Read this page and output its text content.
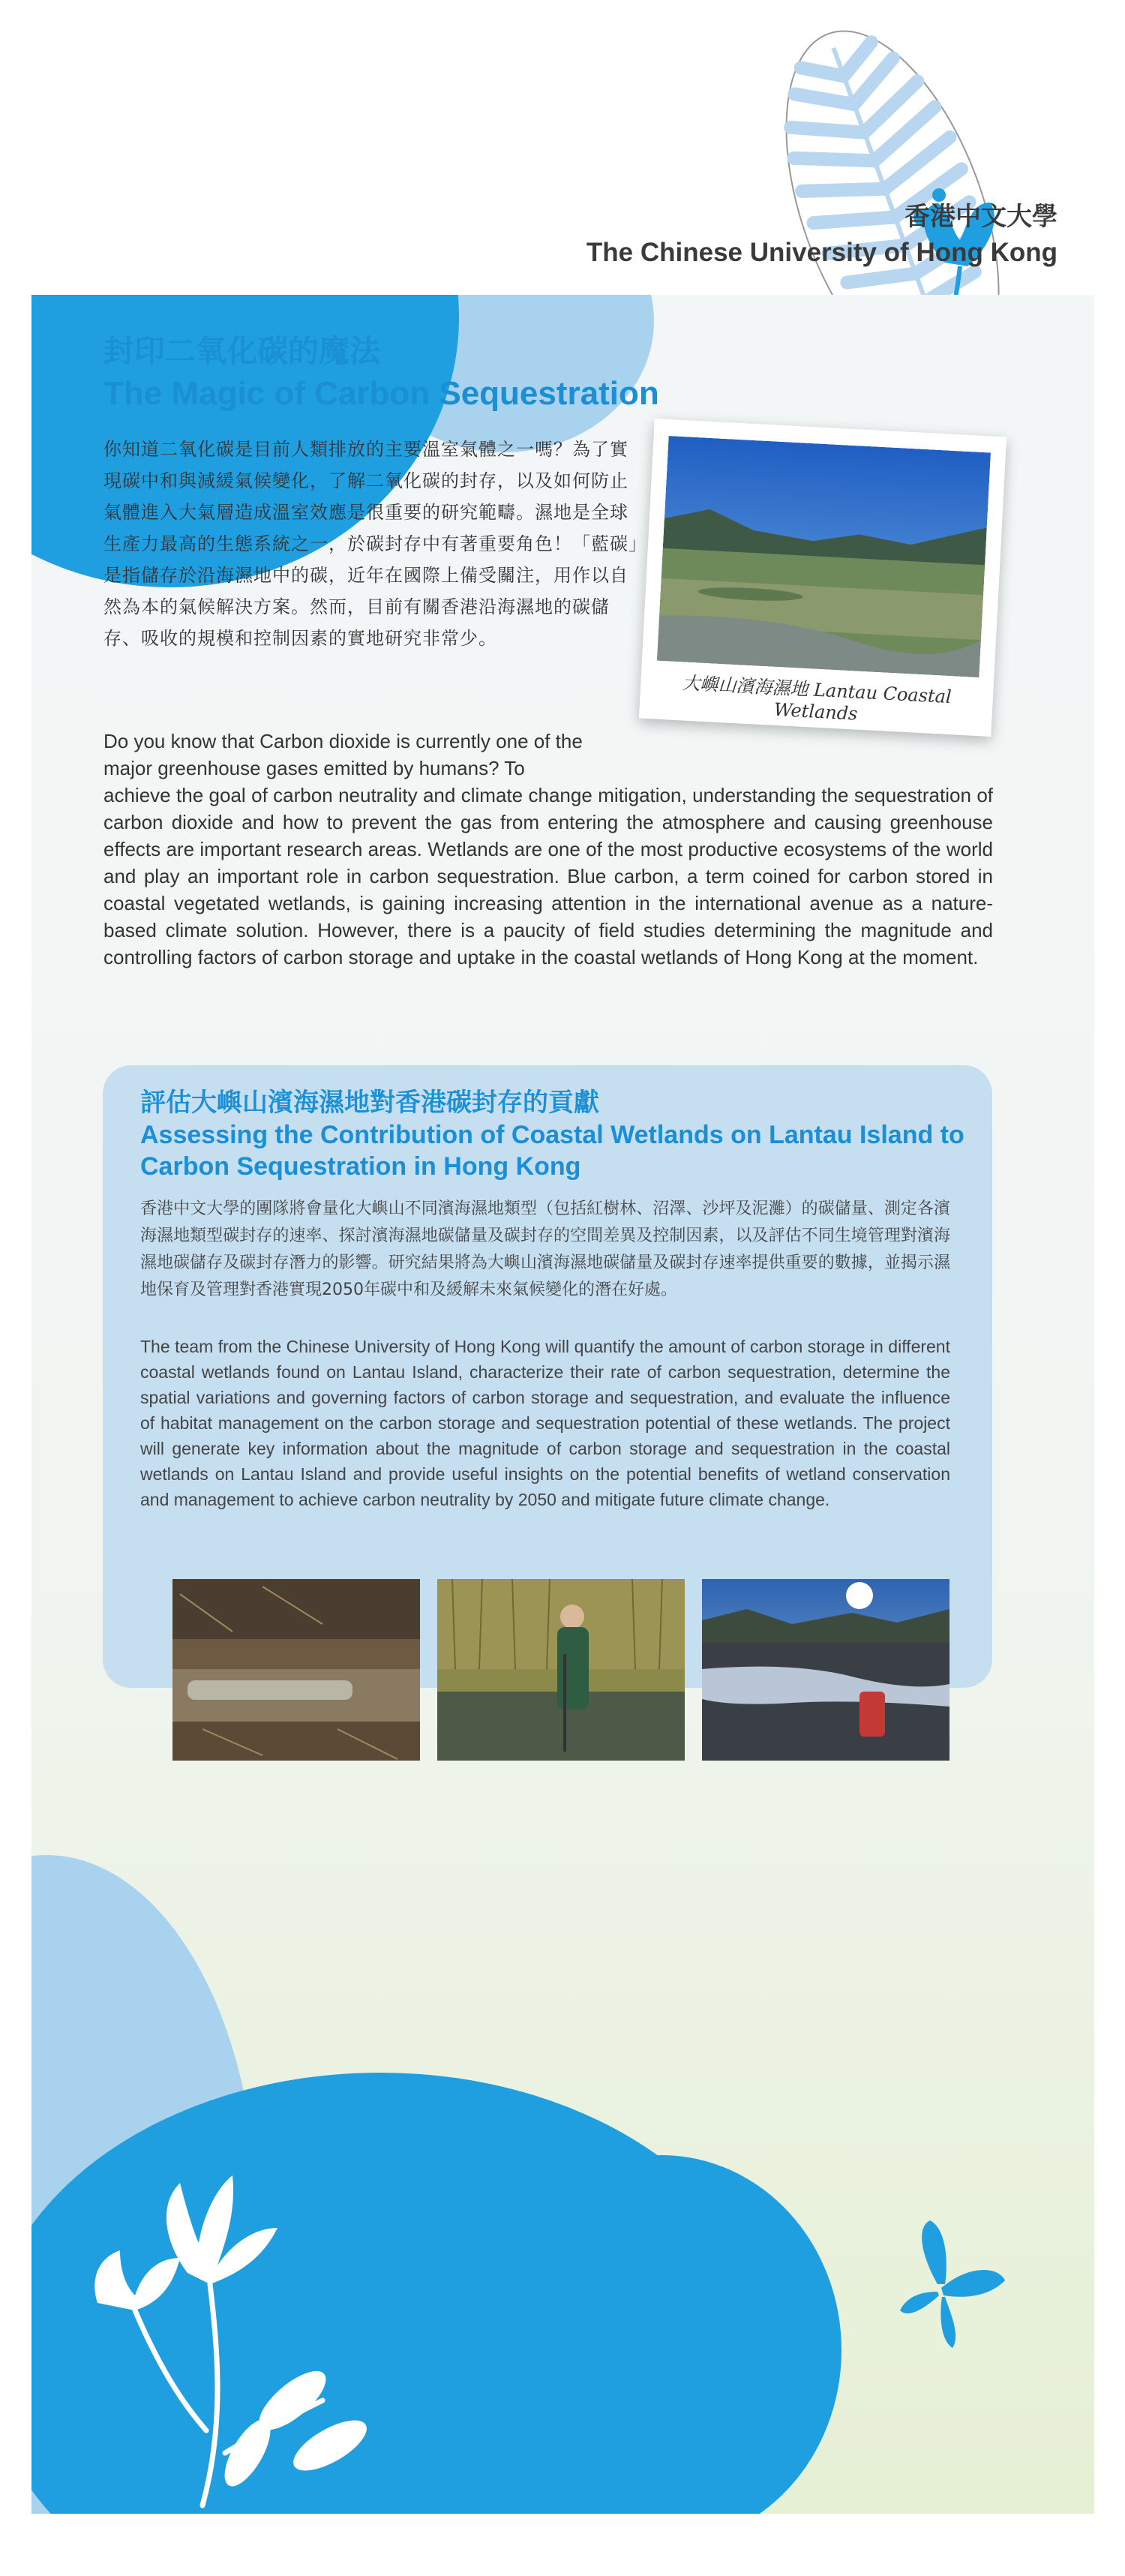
自然環境
Natural Environment
香港中文大學
The Chinese University of Hong Kong
封印二氧化碳的魔法
The Magic of Carbon Sequestration

你知道二氧化碳是目前人類排放的主要溫室氣體之一嗎？為了實現碳中和與減緩氣候變化，了解二氧化碳的封存，以及如何防止氣體進入大氣層造成溫室效應是很重要的研究範疇。濕地是全球生產力最高的生態系統之一，於碳封存中有著重要角色！「藍碳」是指儲存於沿海濕地中的碳，近年在國際上備受關注，用作以自然為本的氣候解決方案。然而，目前有關香港沿海濕地的碳儲存、吸收的規模和控制因素的實地研究非常少。

Do you know that Carbon dioxide is currently one of the major greenhouse gases emitted by humans? To

achieve the goal of carbon neutrality and climate change mitigation, understanding the sequestration of carbon dioxide and how to prevent the gas from entering the atmosphere and causing greenhouse effects are important research areas. Wetlands are one of the most productive ecosystems of the world and play an important role in carbon sequestration. Blue carbon, a term coined for carbon stored in coastal vegetated wetlands, is gaining increasing attention in the international avenue as a nature-based climate solution. However, there is a paucity of field studies determining the magnitude and controlling factors of carbon storage and uptake in the coastal wetlands of Hong Kong at the moment.

大嶼山濱海濕地 Lantau Coastal Wetlands
評估大嶼山濱海濕地對香港碳封存的貢獻
Assessing the Contribution of Coastal Wetlands on Lantau Island to Carbon Sequestration in Hong Kong

香港中文大學的團隊將會量化大嶼山不同濱海濕地類型（包括紅樹林、沼澤、沙坪及泥灘）的碳儲量、測定各濱海濕地類型碳封存的速率、探討濱海濕地碳儲量及碳封存的空間差異及控制因素，以及評估不同生境管理對濱海濕地碳儲存及碳封存潛力的影響。研究結果將為大嶼山濱海濕地碳儲量及碳封存速率提供重要的數據，並揭示濕地保育及管理對香港實現2050年碳中和及緩解未來氣候變化的潛在好處。

The team from the Chinese University of Hong Kong will quantify the amount of carbon storage in different coastal wetlands found on Lantau Island, characterize their rate of carbon sequestration, determine the spatial variations and governing factors of carbon storage and sequestration, and evaluate the influence of habitat management on the carbon storage and sequestration potential of these wetlands. The project will generate key information about the magnitude of carbon storage and sequestration in the coastal wetlands on Lantau Island and provide useful insights on the potential benefits of wetland conservation and management to achieve carbon neutrality by 2050 and mitigate future climate change.
